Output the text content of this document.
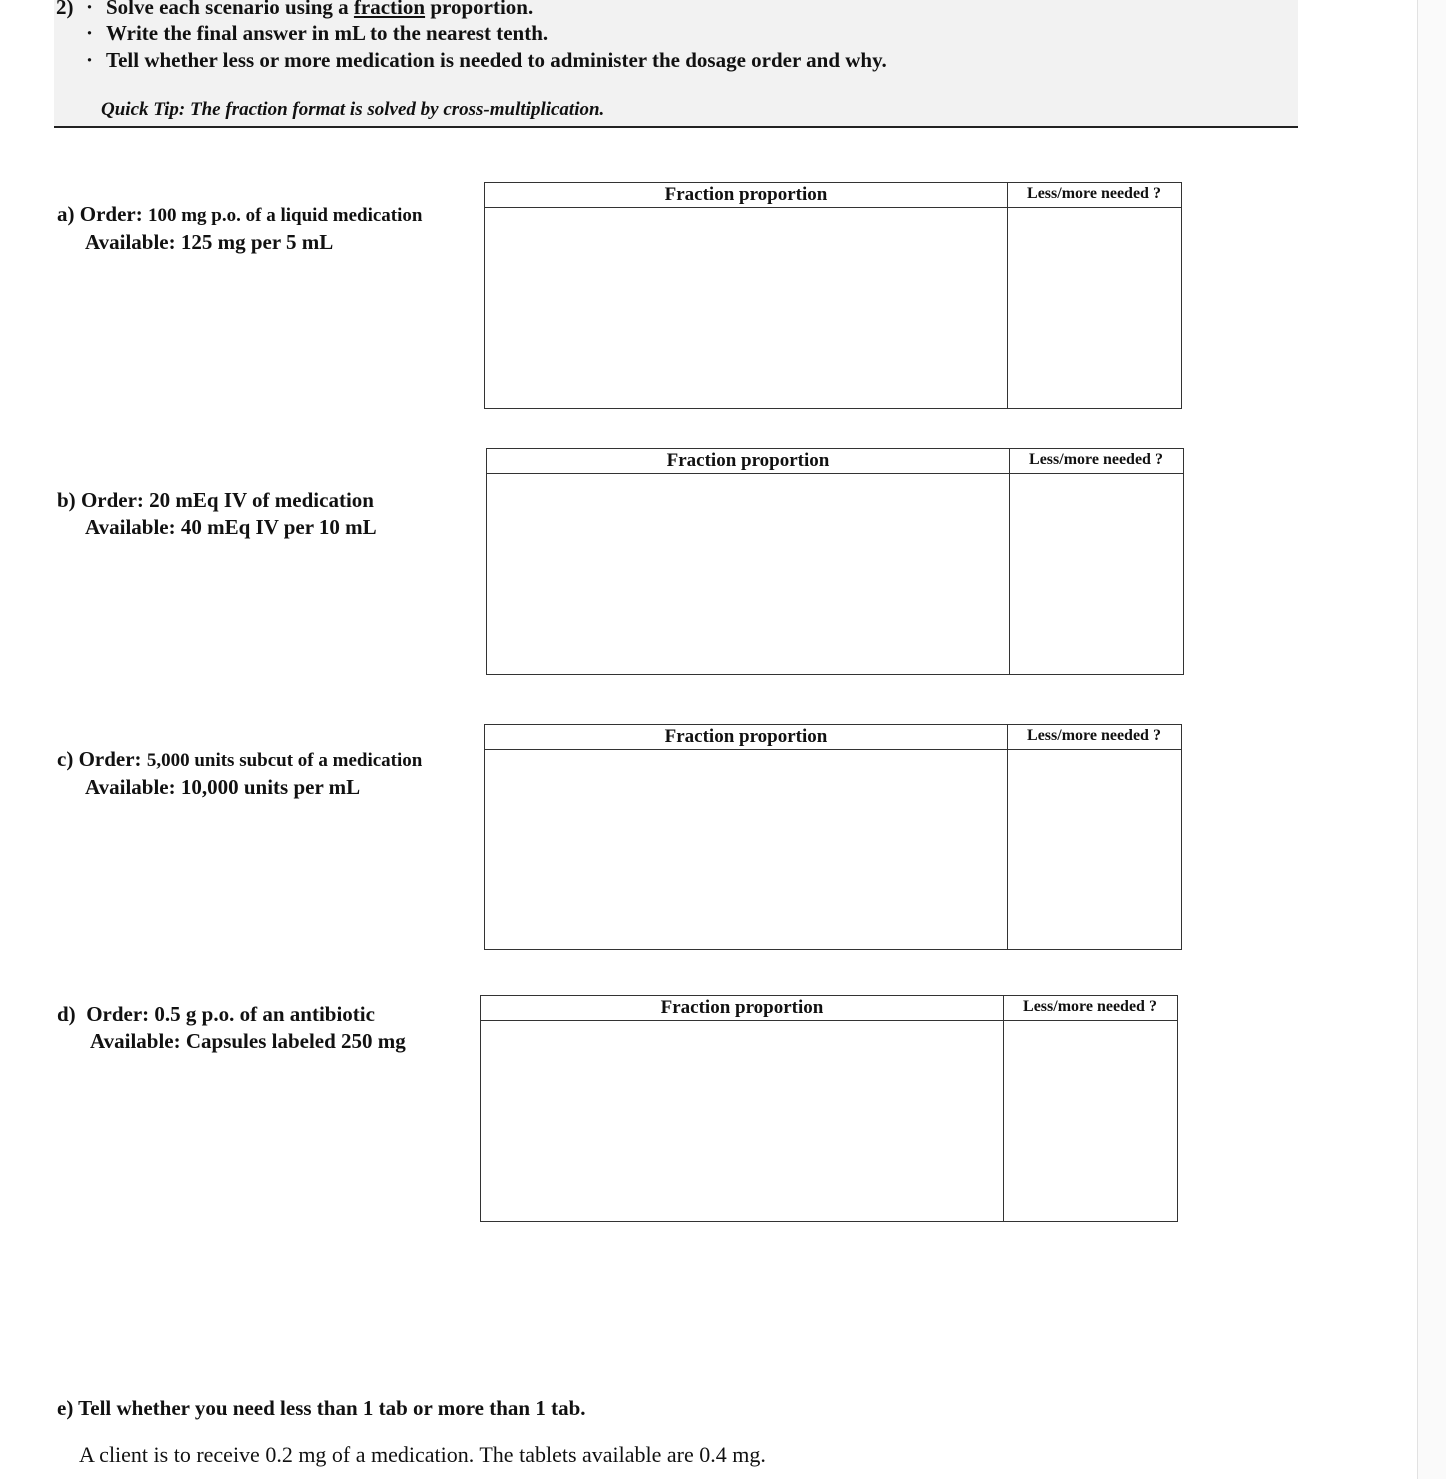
2) · Solve each scenario using a fraction proportion.
· Write the final answer in mL to the nearest tenth.
· Tell whether less or more medication is needed to administer the dosage order and why.
Quick Tip: The fraction format is solved by cross-multiplication.
a) Order: 100 mg p.o. of a liquid medication
Available: 125 mg per 5 mL
Fraction proportion	Less/more needed ?
b) Order: 20 mEq IV of medication
Available: 40 mEq IV per 10 mL
Fraction proportion	Less/more needed ?
c) Order: 5,000 units subcut of a medication
Available: 10,000 units per mL
Fraction proportion	Less/more needed ?
d) Order: 0.5 g p.o. of an antibiotic
Available: Capsules labeled 250 mg
Fraction proportion	Less/more needed ?
e) Tell whether you need less than 1 tab or more than 1 tab.
A client is to receive 0.2 mg of a medication. The tablets available are 0.4 mg.
